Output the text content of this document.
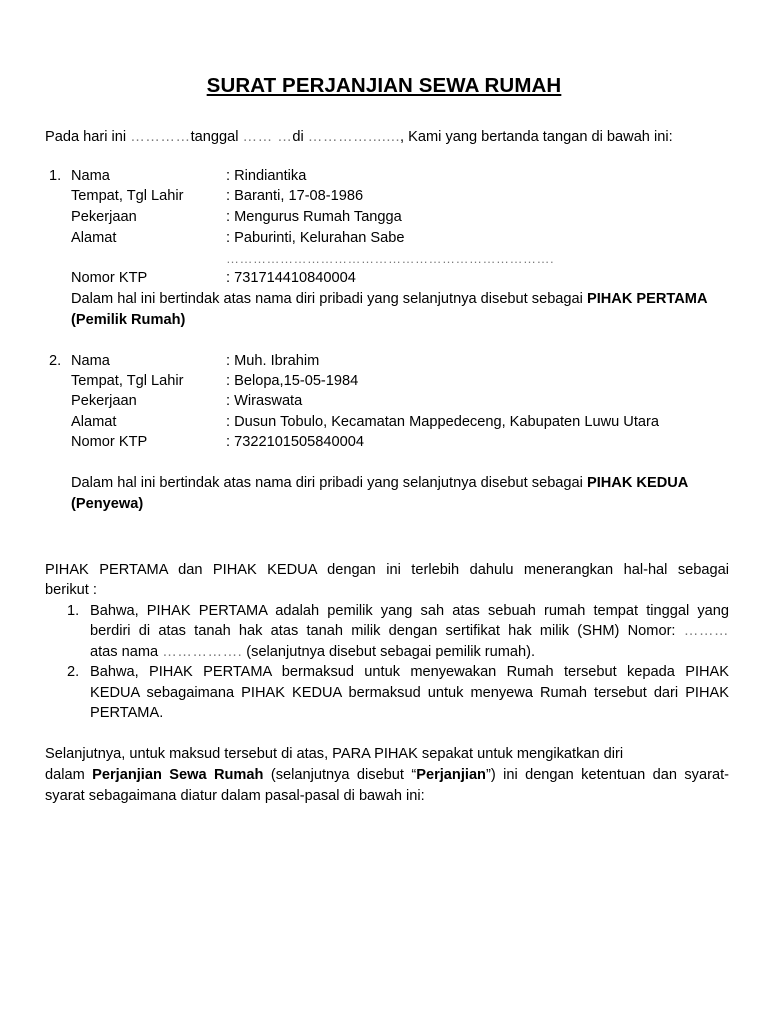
SURAT PERJANJIAN SEWA RUMAH
Pada hari ini …………tanggal …… …di …………......., Kami yang bertanda tangan di bawah ini:
1. Nama	: Rindiantika
Tempat, Tgl Lahir	: Baranti, 17-08-1986
Pekerjaan	: Mengurus Rumah Tangga
Alamat	: Paburinti, Kelurahan Sabe
……………………………………………………………….
Nomor KTP	: 731714410840004
Dalam hal ini bertindak atas nama diri pribadi yang selanjutnya disebut sebagai PIHAK PERTAMA
(Pemilik Rumah)
2. Nama	: Muh. Ibrahim
Tempat, Tgl Lahir	: Belopa,15-05-1984
Pekerjaan	: Wiraswata
Alamat	: Dusun Tobulo, Kecamatan Mappedeceng, Kabupaten Luwu Utara
Nomor KTP	: 7322101505840004
Dalam hal ini bertindak atas nama diri pribadi yang selanjutnya disebut sebagai PIHAK KEDUA
(Penyewa)
PIHAK PERTAMA dan PIHAK KEDUA dengan ini terlebih dahulu menerangkan hal-hal sebagai
berikut :
1. Bahwa, PIHAK PERTAMA adalah pemilik yang sah atas sebuah rumah tempat tinggal yang
berdiri di atas tanah hak atas tanah milik dengan sertifikat hak milik (SHM) Nomor: ………
atas nama ……………. (selanjutnya disebut sebagai pemilik rumah).
2. Bahwa, PIHAK PERTAMA bermaksud untuk menyewakan Rumah tersebut kepada PIHAK
KEDUA sebagaimana PIHAK KEDUA bermaksud untuk menyewa Rumah tersebut dari PIHAK
PERTAMA.
Selanjutnya, untuk maksud tersebut di atas, PARA PIHAK sepakat untuk mengikatkan diri
dalam Perjanjian Sewa Rumah (selanjutnya disebut “Perjanjian”) ini dengan ketentuan dan syarat-
syarat sebagaimana diatur dalam pasal-pasal di bawah ini:
